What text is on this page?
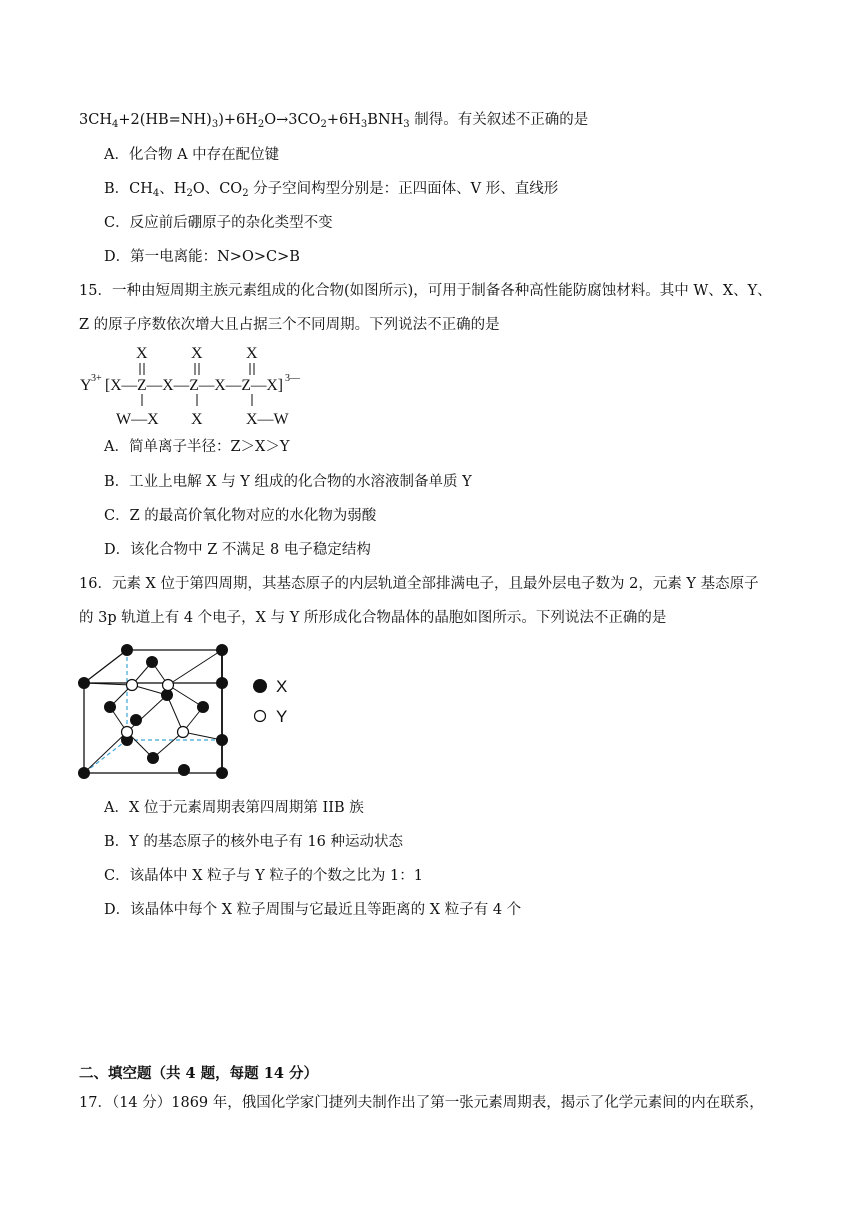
$3CH_4+2(HB=NH)_3)+6H_2O\to 3CO_2+6H_3BNH_3$ 制得。有关叙述不正确的是
A．化合物 A 中存在配位键
B．$CH_4$、$H_2O$、$CO_2$ 分子空间构型分别是：正四面体、V 形、直线形
C．反应前后硼原子的杂化类型不变
D．第一电离能：N>O>C>B
15．一种由短周期主族元素组成的化合物(如图所示)，可用于制备各种高性能防腐蚀材料。其中 W、X、Y、
Z 的原子序数依次增大且占据三个不同周期。下列说法不正确的是
X	X	X
Y 3+ [X—Z—X—Z—X—Z—X] 3—
W—X X	X—W
A．简单离子半径：Z＞X＞Y
B．工业上电解 X 与 Y 组成的化合物的水溶液制备单质 Y
C．Z 的最高价氧化物对应的水化物为弱酸
D．该化合物中 Z 不满足 8 电子稳定结构
16．元素 X 位于第四周期，其基态原子的内层轨道全部排满电子，且最外层电子数为 2，元素 Y 基态原子
的 3p 轨道上有 4 个电子，X 与 Y 所形成化合物晶体的晶胞如图所示。下列说法不正确的是
X
Y
A．X 位于元素周期表第四周期第 IIB 族
B．Y 的基态原子的核外电子有 16 种运动状态
C．该晶体中 X 粒子与 Y 粒子的个数之比为 1：1
D．该晶体中每个 X 粒子周围与它最近且等距离的 X 粒子有 4 个
二、填空题（共 4 题，每题 14 分）
17．（14 分）1869 年，俄国化学家门捷列夫制作出了第一张元素周期表，揭示了化学元素间的内在联系，
